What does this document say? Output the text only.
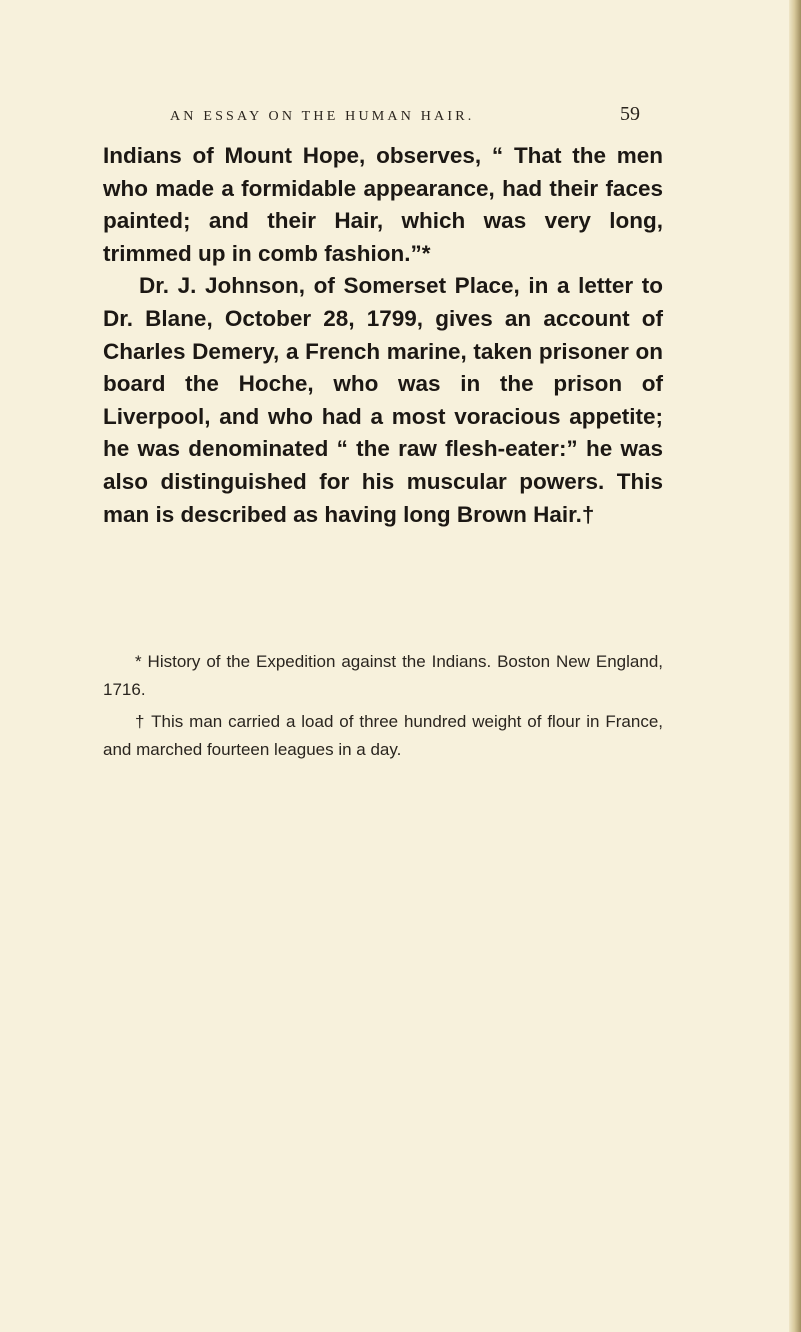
AN ESSAY ON THE HUMAN HAIR.	59

Indians of Mount Hope, observes, “ That the men who made a formidable appearance, had their faces painted; and their Hair, which was very long, trimmed up in comb fashion.”*

Dr. J. Johnson, of Somerset Place, in a letter to Dr. Blane, October 28, 1799, gives an account of Charles Demery, a French marine, taken prisoner on board the Hoche, who was in the prison of Liverpool, and who had a most voracious appetite; he was denominated “ the raw flesh-eater:” he was also distinguished for his muscular powers. This man is described as having long Brown Hair.†

* History of the Expedition against the Indians. Boston New England, 1716.

† This man carried a load of three hundred weight of flour in France, and marched fourteen leagues in a day.
